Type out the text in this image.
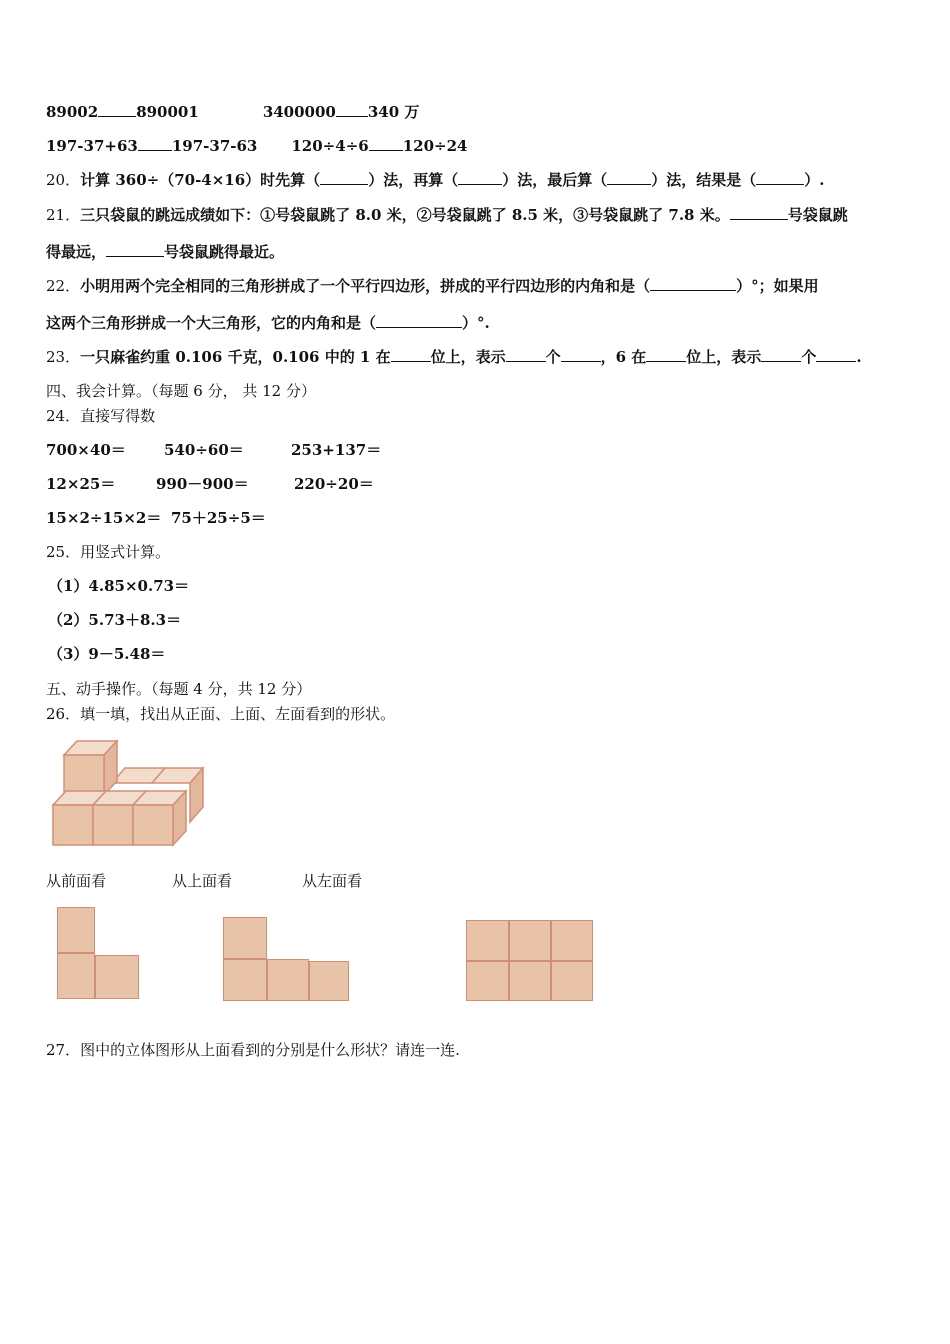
89002	890001	3400000 340 万
197-37+63 197-37-63 120÷4÷6 120÷24
20．计算 360÷（70-4×16）时先算（	）法，再算（	）法，最后算（	）法，结果是（	）.
21．三只袋鼠的跳远成绩如下：①号袋鼠跳了 8.0 米，②号袋鼠跳了 8.5 米，③号袋鼠跳了 7.8 米。	号袋鼠跳
得最远，	号袋鼠跳得最近。
22．小明用两个完全相同的三角形拼成了一个平行四边形，拼成的平行四边形的内角和是（	）°；如果用
这两个三角形拼成一个大三角形，它的内角和是（	）°.
23．一只麻雀约重 0.106 千克，0.106 中的 1 在	位上，表示	个	，6 在	位上，表示	个	.
四、我会计算。（每题 6 分， 共 12 分）
24．直接写得数
700×40＝	540÷60＝	253+137＝
12×25＝	990－900＝	220÷20＝
15×2÷15×2＝ 75＋25÷5＝
25．用竖式计算。
（1）4.85×0.73＝
（2）5.73＋8.3＝
（3）9－5.48＝
五、动手操作。（每题 4 分，共 12 分）
26．填一填，找出从正面、上面、左面看到的形状。
从前面看	从上面看	从左面看
27．图中的立体图形从上面看到的分别是什么形状？请连一连.
